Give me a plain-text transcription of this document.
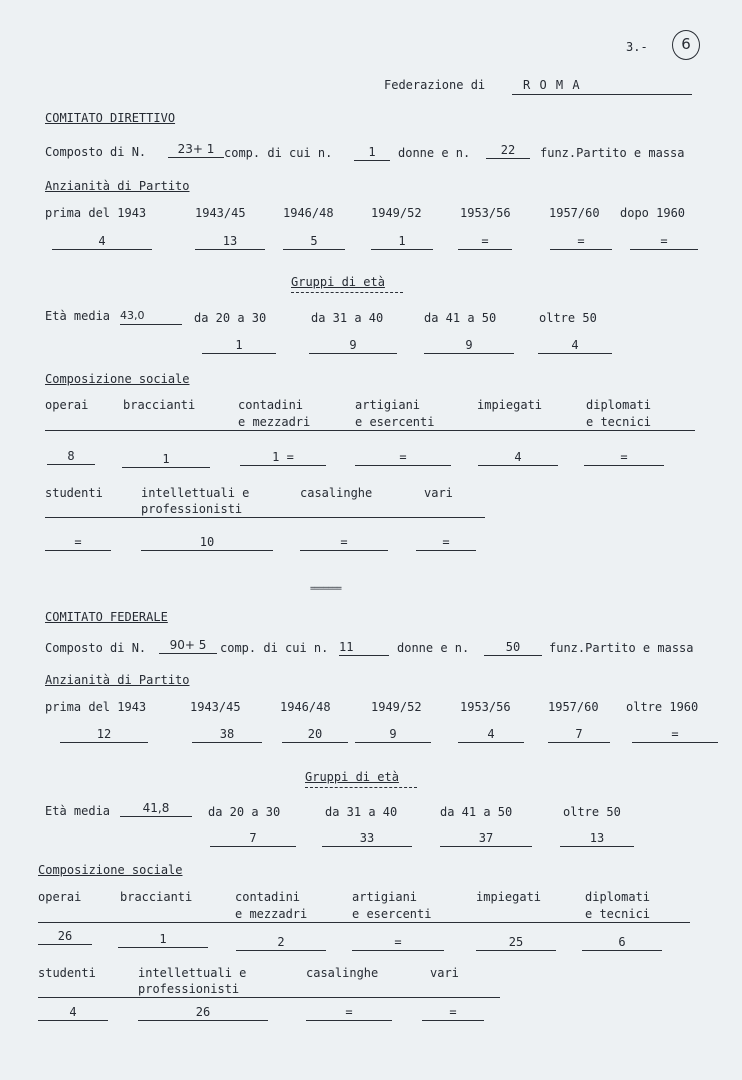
3.-	6
Federazione di	R O M A
COMITATO DIRETTIVO
Composto di N.	23+ 1 comp. di cui n.	1	donne e n.	22	funz.Partito e massa
Anzianità di Partito
prima del 1943	1943/45	1946/48	1949/52	1953/56	1957/60 dopo 1960
4	13	5	1	=	=	=
Gruppi di età
Età media 43,0	da 20 a 30	da 31 a 40	da 41 a 50	oltre 50
1	9	9	4
Composizione sociale
operai	braccianti	contadini
e mezzadri
artigiani
e esercenti
impiegati	diplomati
e tecnici
8	1	1 =	=	4	=
studenti	intellettuali e
professionisti
casalinghe	vari
=	10	=	=
=======
COMITATO FEDERALE
Composto di N.	90+ 5	comp. di cui n. 11	donne e n.	50	funz.Partito e massa
Anzianità di Partito
prima del 1943	1943/45	1946/48	1949/52	1953/56	1957/60 oltre 1960
12	38	20	9	4	7	=
Gruppi di età
Età media	41,8	da 20 a 30	da 31 a 40	da 41 a 50	oltre 50
7	33	37	13
Composizione sociale
operai	braccianti	contadini
e mezzadri
artigiani
e esercenti
impiegati	diplomati
e tecnici
26	1	2	=	25	6
studenti	intellettuali e
professionisti
casalinghe	vari
4	26	=	=
